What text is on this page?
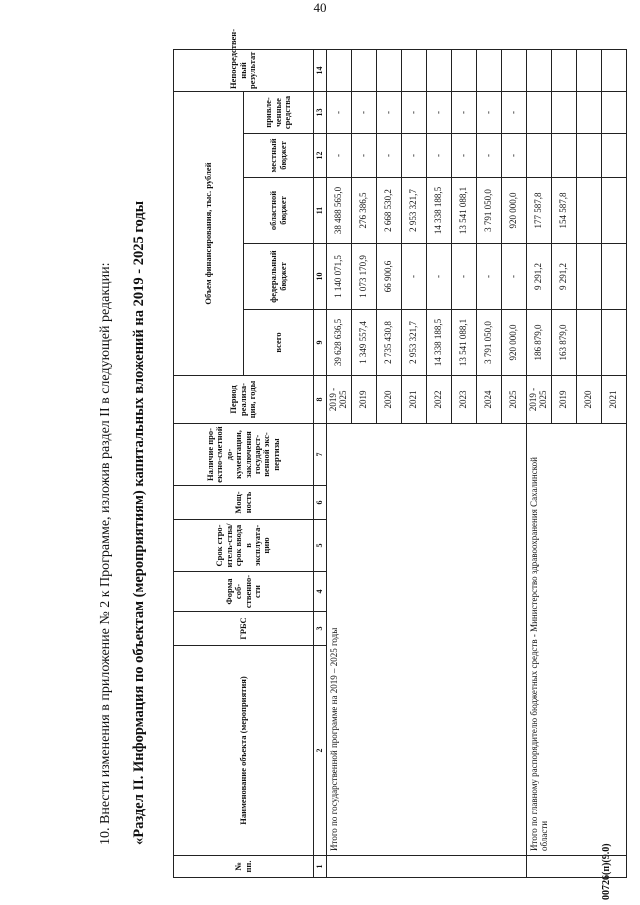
40
10. Внести изменения в приложение № 2 к Программе, изложив раздел II в следующей редакции: «Раздел II. Информация по объектам (мероприятиям) капитальных вложений на 2019 - 2025 годы
00726(п)(9.0)
№ пп.	Наименование объекта (мероприятия)	ГРБС	Форма соб-ственно-сти	Срок стро-итель-ства/срок ввода в эксплуата-цию	Мощ-ность	Наличие про-ектно-сметной до-кументации, заключения государст-венной экс-пертизы	Период реализа-ции, годы	Объем финансирования, тыс. рублей					Непосредствен-ный результат
								всего	федеральный бюджет	областной бюджет	местный бюджет	привле-ченные средства	
1	2	3	4	5	6	7	8	9	10	11	12	13	14
	Итого по государственной программе на 2019 – 2025 годы						2019 - 2025	39 628 636,5	1 140 071,5	38 488 565,0	-	-	
							2019	1 349 557,4	1 073 170,9	276 386,5	-	-	
							2020	2 735 430,8	66 900,6	2 668 530,2	-	-	
							2021	2 953 321,7	-	2 953 321,7	-	-	
							2022	14 338 188,5	-	14 338 188,5	-	-	
							2023	13 541 088,1	-	13 541 088,1	-	-	
							2024	3 791 050,0	-	3 791 050,0	-	-	
							2025	920 000,0	-	920 000,0	-	-	
	Итого по главному распорядителю бюджетных средств - Министерство здравоохранения Сахалинской области						2019 - 2025	186 879,0	9 291,2	177 587,8			
							2019	163 879,0	9 291,2	154 587,8			
							2020						
							2021						
